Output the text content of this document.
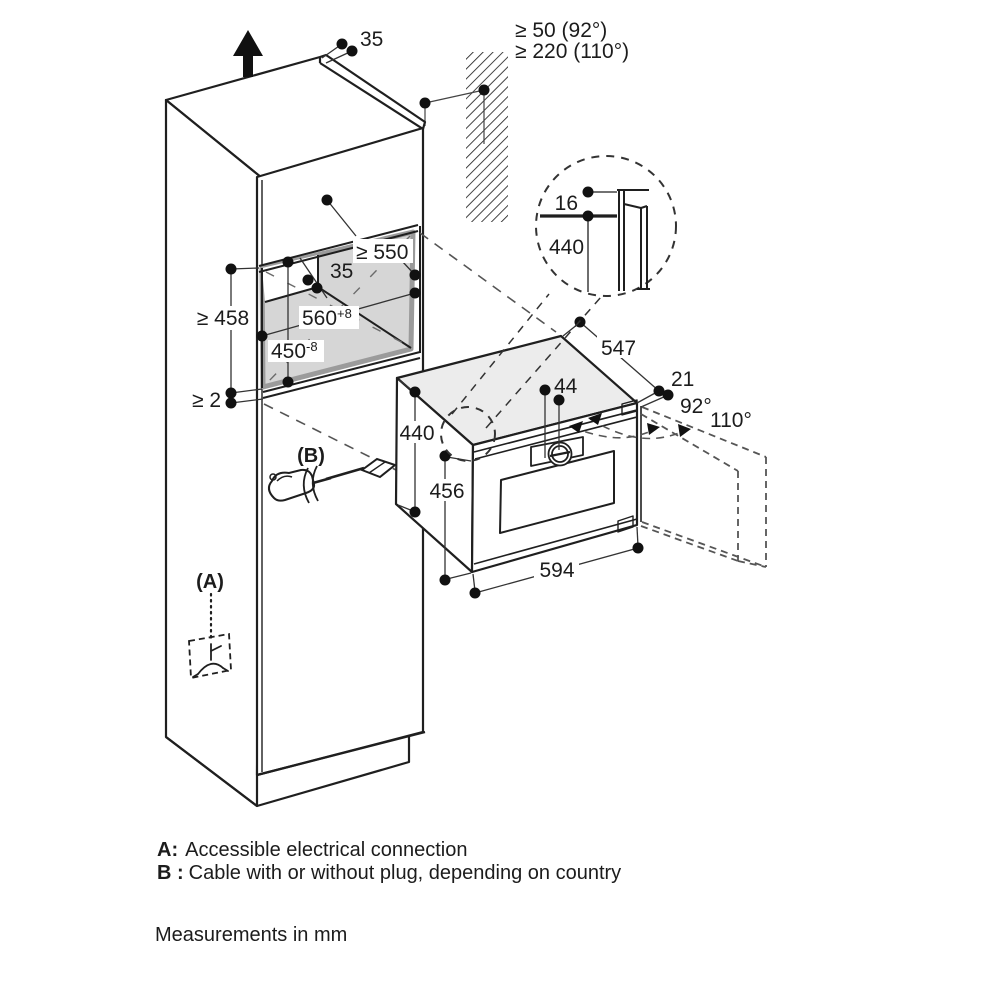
≥ 50 (92°)
≥ 220 (110°)
35
≥ 550
35
≥ 458	$560^{+8}$
$450^{-8}$
≥ 2
(B)
(A)
440
456
594
44
547
21
92°
110°
16
440
A: Accessible electrical connection
B : Cable with or without plug, depending on country
Measurements in mm
